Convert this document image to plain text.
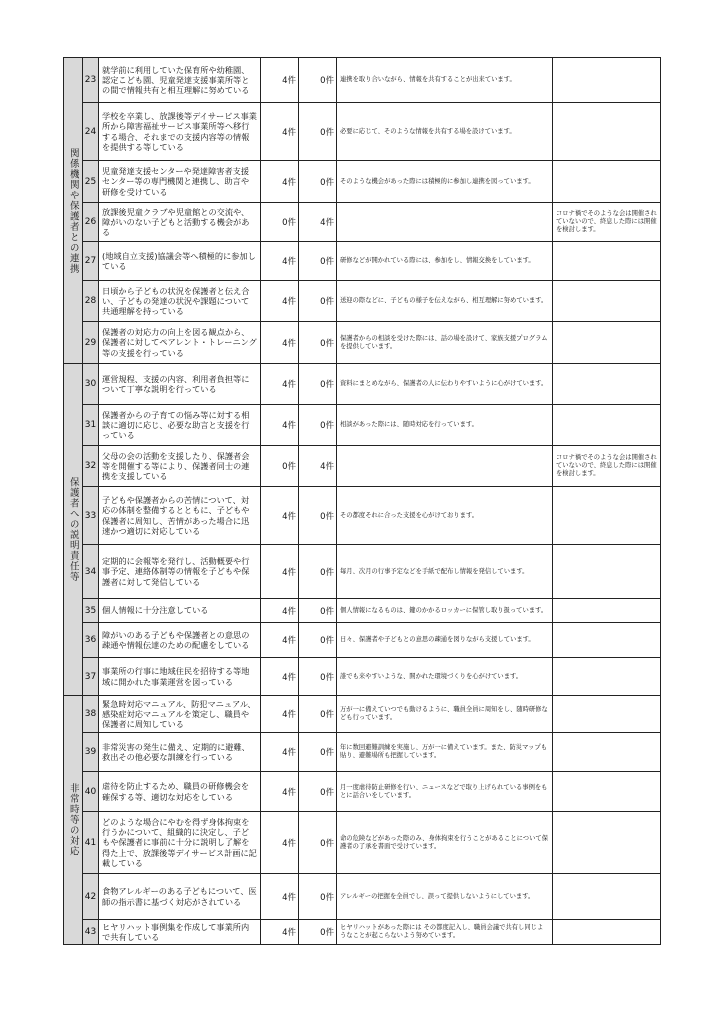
関係機関や保護者との連携	23	就学前に利用していた保育所や幼稚園、認定こども園、児童発達支援事業所等との間で情報共有と相互理解に努めている	4件	0件	連携を取り合いながら、情報を共有することが出来ています。	
	24	学校を卒業し、放課後等デイサービス事業所から障害福祉サービス事業所等へ移行する場合、それまでの支援内容等の情報を提供する等している	4件	0件	必要に応じて、そのような情報を共有する場を設けています。	
	25	児童発達支援センターや発達障害者支援センター等の専門機関と連携し、助言や研修を受けている	4件	0件	そのような機会があった際には積極的に参加し連携を図っています。	
	26	放課後児童クラブや児童館との交流や、障がいのない子どもと活動する機会がある	0件	4件		コロナ禍でそのような会は開催されていないので、終息した際には開催を検討します。
	27	(地域自立支援)協議会等へ積極的に参加している	4件	0件	研修などが開かれている際には、参加をし、情報交換をしています。	
	28	日頃から子どもの状況を保護者と伝え合い、子どもの発達の状況や課題について共通理解を持っている	4件	0件	送迎の際などに、子どもの様子を伝えながら、相互理解に努めています。	
	29	保護者の対応力の向上を図る観点から、保護者に対してペアレント・トレーニング等の支援を行っている	4件	0件	保護者からの相談を受けた際には、話の場を設けて、家族支援プログラムを提供しています。	

保護者への説明責任等	30	運営規程、支援の内容、利用者負担等について丁寧な説明を行っている	4件	0件	資料にまとめながら、保護者の人に伝わりやすいように心がけています。	
	31	保護者からの子育ての悩み等に対する相談に適切に応じ、必要な助言と支援を行っている	4件	0件	相談があった際には、随時対応を行っています。	
	32	父母の会の活動を支援したり、保護者会等を開催する等により、保護者同士の連携を支援している	0件	4件		コロナ禍でそのような会は開催されていないので、終息した際には開催を検討します。
	33	子どもや保護者からの苦情について、対応の体制を整備するとともに、子どもや保護者に周知し、苦情があった場合に迅速かつ適切に対応している	4件	0件	その都度それに合った支援を心がけております。	
	34	定期的に会報等を発行し、活動概要や行事予定、連絡体制等の情報を子どもや保護者に対して発信している	4件	0件	毎月、次月の行事予定などを手紙で配布し情報を発信しています。	
	35	個人情報に十分注意している	4件	0件	個人情報になるものは、鍵のかかるロッカーに保管し取り扱っています。	
	36	障がいのある子どもや保護者との意思の疎通や情報伝達のための配慮をしている	4件	0件	日々、保護者や子どもとの意思の疎通を図りながら支援しています。	
	37	事業所の行事に地域住民を招待する等地域に開かれた事業運営を図っている	4件	0件	誰でも来やすいような、開かれた環境づくりを心がけています。	

非常時等の対応	38	緊急時対応マニュアル、防犯マニュアル、感染症対応マニュアルを策定し、職員や保護者に周知している	4件	0件	万が一に備えていつでも動けるように、職員全員に周知をし、随時研修なども行っています。	
	39	非常災害の発生に備え、定期的に避難、救出その他必要な訓練を行っている	4件	0件	年に数回避難訓練を実施し、万が一に備えています。また、防災マップも貼り、避難場所も把握しています。	
	40	虐待を防止するため、職員の研修機会を確保する等、適切な対応をしている	4件	0件	月一度虐待防止研修を行い、ニュースなどで取り上げられている事例をもとに話合いをしています。	
	41	どのような場合にやむを得ず身体拘束を行うかについて、組織的に決定し、子どもや保護者に事前に十分に説明し了解を得た上で、放課後等デイサービス計画に記載している	4件	0件	命の危険などがあった際のみ、身体拘束を行うことがあることについて保護者の了承を書面で受けています。	
	42	食物アレルギーのある子どもについて、医師の指示書に基づく対応がされている	4件	0件	アレルギーの把握を全員でし、誤って提供しないようにしています。	
	43	ヒヤリハット事例集を作成して事業所内で共有している	4件	0件	ヒヤリハットがあった際には その都度記入し、職員会議で共有し同じようなことが起こらないよう努めています。	
